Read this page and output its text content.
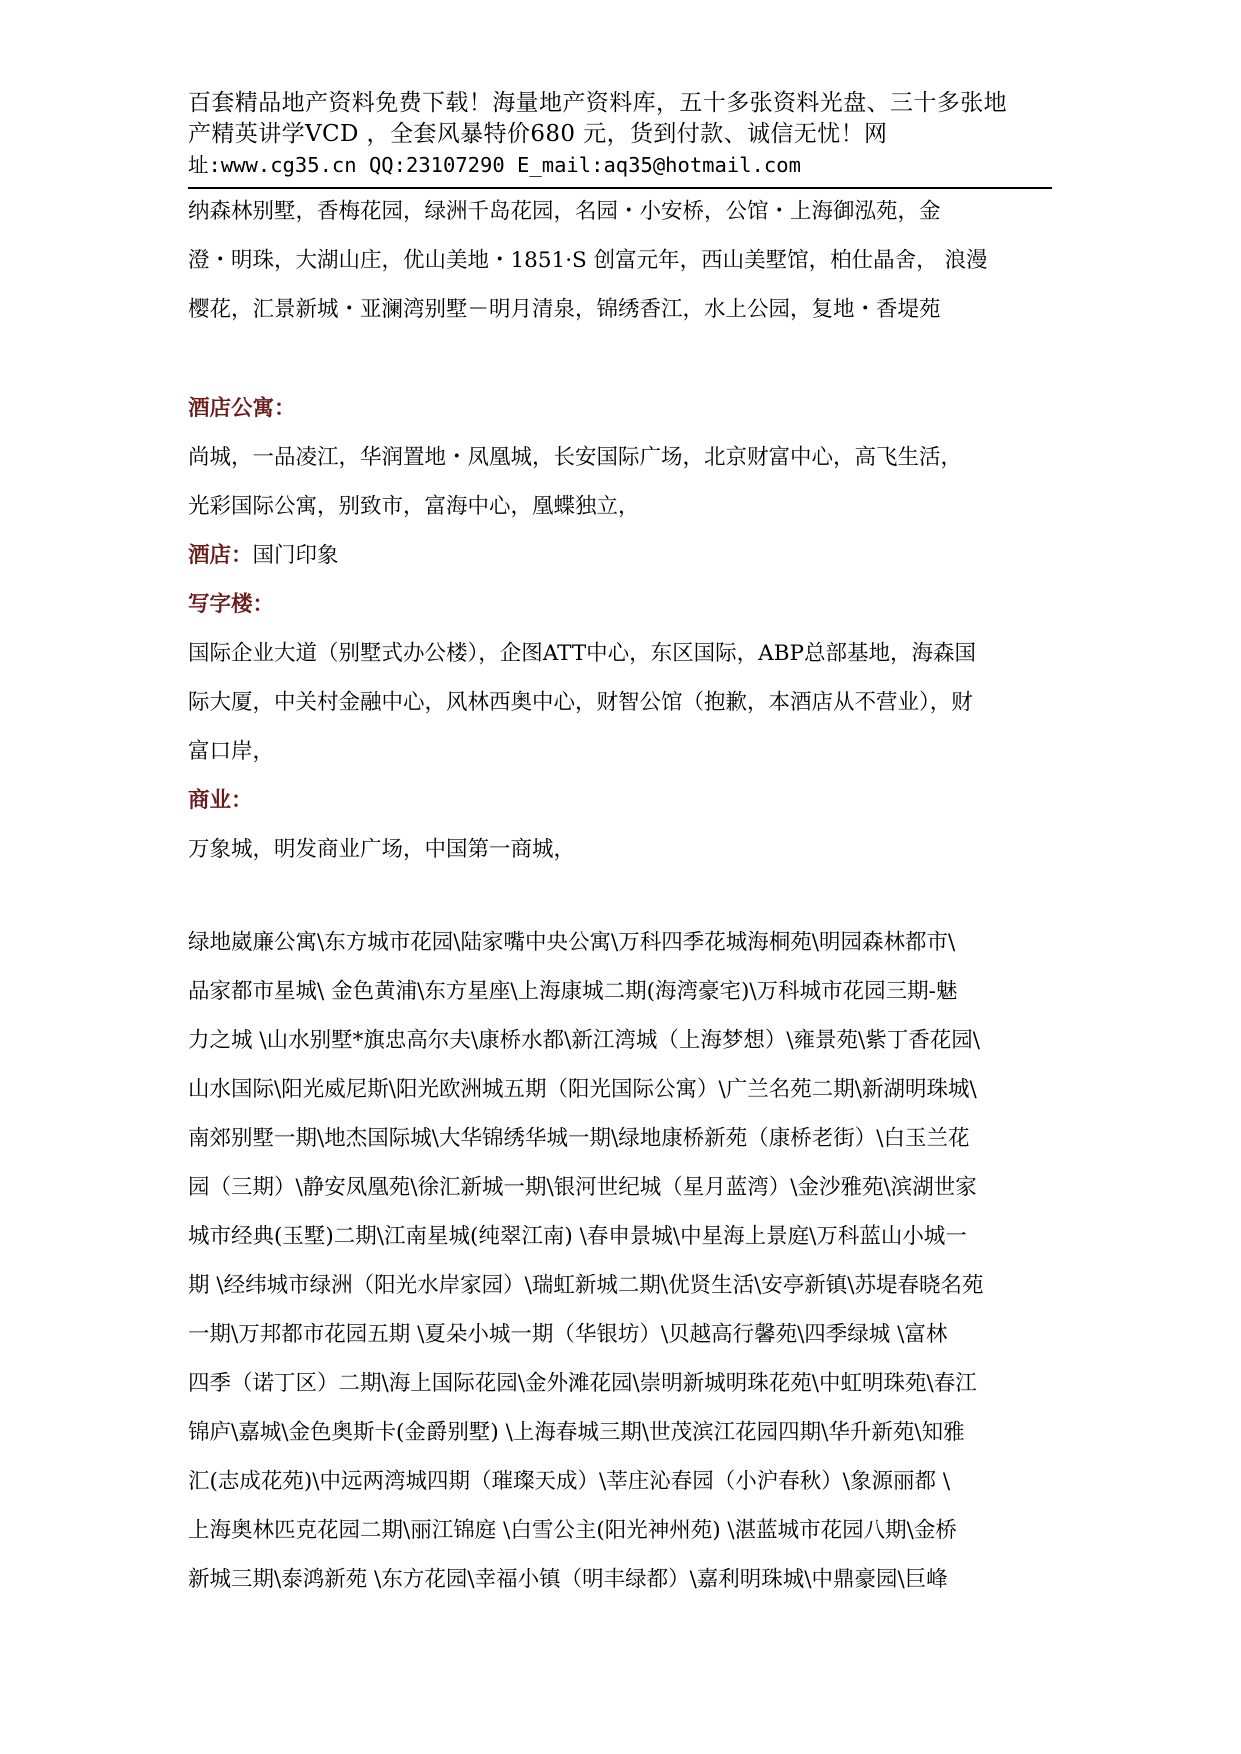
百套精品地产资料免费下载！海量地产资料库，五十多张资料光盘、三十多张地
产精英讲学VCD ，全套风暴特价680 元，货到付款、诚信无忧！网
址:www.cg35.cn QQ:23107290 E_mail:aq35@hotmail.com
纳森林别墅，香梅花园，绿洲千岛花园，名园・小安桥，公馆・上海御泓苑，金
澄・明珠，大湖山庄，优山美地・1851·S 创富元年，西山美墅馆，柏仕晶舍， 浪漫
樱花，汇景新城・亚澜湾别墅－明月清泉，锦绣香江，水上公园，复地・香堤苑
酒店公寓：
尚城，一品凌江，华润置地・凤凰城，长安国际广场，北京财富中心，高飞生活，
光彩国际公寓，别致市，富海中心，凰蝶独立，
酒店：国门印象
写字楼：
国际企业大道（别墅式办公楼），企图ATT中心，东区国际，ABP总部基地，海森国
际大厦，中关村金融中心，风林西奥中心，财智公馆（抱歉，本酒店从不营业），财
富口岸，
商业：
万象城，明发商业广场，中国第一商城，
绿地崴廉公寓\东方城市花园\陆家嘴中央公寓\万科四季花城海桐苑\明园森林都市\
品家都市星城\ 金色黄浦\东方星座\上海康城二期(海湾豪宅)\万科城市花园三期-魅
力之城 \山水别墅*旗忠高尔夫\康桥水都\新江湾城（上海梦想）\雍景苑\紫丁香花园\
山水国际\阳光威尼斯\阳光欧洲城五期（阳光国际公寓）\广兰名苑二期\新湖明珠城\
南郊别墅一期\地杰国际城\大华锦绣华城一期\绿地康桥新苑（康桥老街）\白玉兰花
园（三期）\静安凤凰苑\徐汇新城一期\银河世纪城（星月蓝湾）\金沙雅苑\滨湖世家
城市经典(玉墅)二期\江南星城(纯翠江南) \春申景城\中星海上景庭\万科蓝山小城一
期 \经纬城市绿洲（阳光水岸家园）\瑞虹新城二期\优贤生活\安亭新镇\苏堤春晓名苑
一期\万邦都市花园五期 \夏朵小城一期（华银坊）\贝越高行馨苑\四季绿城 \富林
四季（诺丁区）二期\海上国际花园\金外滩花园\崇明新城明珠花苑\中虹明珠苑\春江
锦庐\嘉城\金色奥斯卡(金爵别墅) \上海春城三期\世茂滨江花园四期\华升新苑\知雅
汇(志成花苑)\中远两湾城四期（璀璨天成）\莘庄沁春园（小沪春秋）\象源丽都 \
上海奥林匹克花园二期\丽江锦庭 \白雪公主(阳光神州苑) \湛蓝城市花园八期\金桥
新城三期\泰鸿新苑 \东方花园\幸福小镇（明丰绿都）\嘉利明珠城\中鼎豪园\巨峰
